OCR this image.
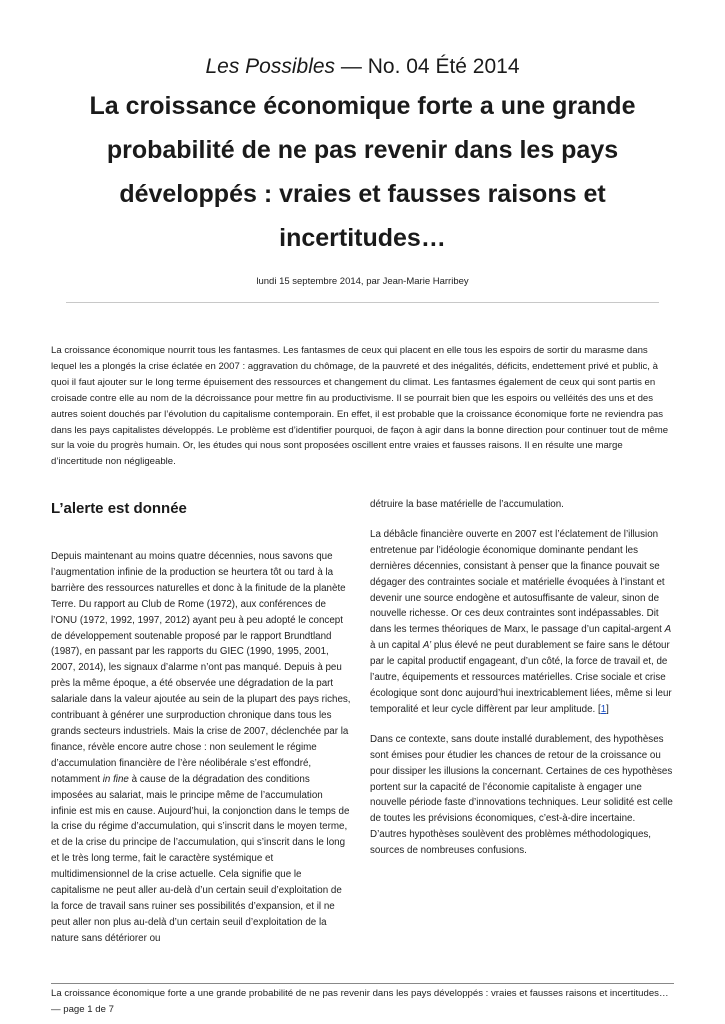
Les Possibles — No. 04 Été 2014
La croissance économique forte a une grande probabilité de ne pas revenir dans les pays développés : vraies et fausses raisons et incertitudes…
lundi 15 septembre 2014, par Jean-Marie Harribey

La croissance économique nourrit tous les fantasmes. Les fantasmes de ceux qui placent en elle tous les espoirs de sortir du marasme dans lequel les a plongés la crise éclatée en 2007 : aggravation du chômage, de la pauvreté et des inégalités, déficits, endettement privé et public, à quoi il faut ajouter sur le long terme épuisement des ressources et changement du climat. Les fantasmes également de ceux qui sont partis en croisade contre elle au nom de la décroissance pour mettre fin au productivisme. Il se pourrait bien que les espoirs ou velléités des uns et des autres soient douchés par l’évolution du capitalisme contemporain. En effet, il est probable que la croissance économique forte ne reviendra pas dans les pays capitalistes développés. Le problème est d’identifier pourquoi, de façon à agir dans la bonne direction pour continuer tout de même sur la voie du progrès humain. Or, les études qui nous sont proposées oscillent entre vraies et fausses raisons. Il en résulte une marge d’incertitude non négligeable.

L’alerte est donnée

Depuis maintenant au moins quatre décennies, nous savons que l’augmentation infinie de la production se heurtera tôt ou tard à la barrière des ressources naturelles et donc à la finitude de la planète Terre. Du rapport au Club de Rome (1972), aux conférences de l’ONU (1972, 1992, 1997, 2012) ayant peu à peu adopté le concept de développement soutenable proposé par le rapport Brundtland (1987), en passant par les rapports du GIEC (1990, 1995, 2001, 2007, 2014), les signaux d’alarme n’ont pas manqué. Depuis à peu près la même époque, a été observée une dégradation de la part salariale dans la valeur ajoutée au sein de la plupart des pays riches, contribuant à générer une surproduction chronique dans tous les grands secteurs industriels. Mais la crise de 2007, déclenchée par la finance, révèle encore autre chose : non seulement le régime d’accumulation financière de l’ère néolibérale s’est effondré, notamment in fine à cause de la dégradation des conditions imposées au salariat, mais le principe même de l’accumulation infinie est mis en cause. Aujourd’hui, la conjonction dans le temps de la crise du régime d’accumulation, qui s’inscrit dans le moyen terme, et de la crise du principe de l’accumulation, qui s’inscrit dans le long et le très long terme, fait le caractère systémique et multidimensionnel de la crise actuelle. Cela signifie que le capitalisme ne peut aller au-delà d’un certain seuil d’exploitation de la force de travail sans ruiner ses possibilités d’expansion, et il ne peut aller non plus au-delà d’un certain seuil d’exploitation de la nature sans détériorer ou

détruire la base matérielle de l’accumulation.

La débâcle financière ouverte en 2007 est l’éclatement de l’illusion entretenue par l’idéologie économique dominante pendant les dernières décennies, consistant à penser que la finance pouvait se dégager des contraintes sociale et matérielle évoquées à l’instant et devenir une source endogène et autosuffisante de valeur, sinon de nouvelle richesse. Or ces deux contraintes sont indépassables. Dit dans les termes théoriques de Marx, le passage d’un capital-argent A à un capital A’ plus élevé ne peut durablement se faire sans le détour par le capital productif engageant, d’un côté, la force de travail et, de l’autre, équipements et ressources matérielles. Crise sociale et crise écologique sont donc aujourd’hui inextricablement liées, même si leur temporalité et leur cycle diffèrent par leur amplitude. [1]

Dans ce contexte, sans doute installé durablement, des hypothèses sont émises pour étudier les chances de retour de la croissance ou pour dissiper les illusions la concernant. Certaines de ces hypothèses portent sur la capacité de l’économie capitaliste à engager une nouvelle période faste d’innovations techniques. Leur solidité est celle de toutes les prévisions économiques, c’est-à-dire incertaine. D’autres hypothèses soulèvent des problèmes méthodologiques, sources de nombreuses confusions.

La croissance économique forte a une grande probabilité de ne pas revenir dans les pays développés : vraies et fausses raisons et incertitudes… — page 1 de 7
